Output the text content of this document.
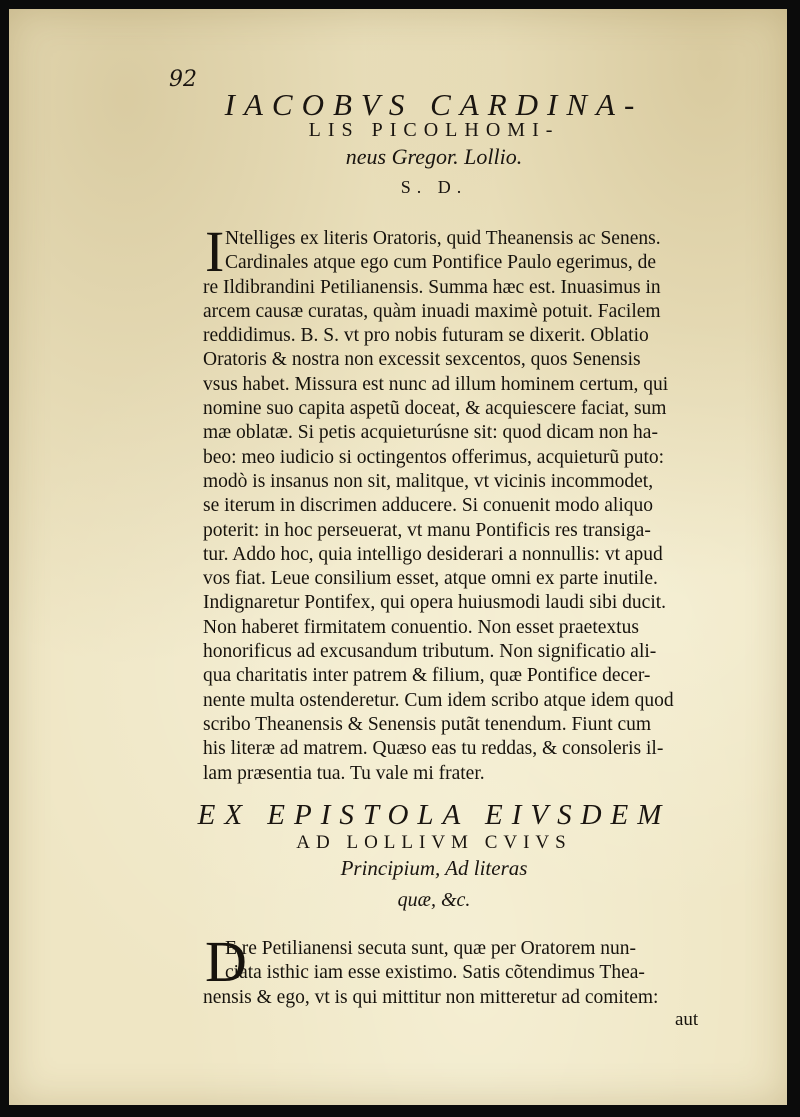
92
IACOBVS CARDINA-
LIS PICOLHOMI-
neus Gregor. Lollio.
S. D.
I Ntelliges ex literis Oratoris, quid Theanensis ac Senens.
Cardinales atque ego cum Pontifice Paulo egerimus, de
re Ildibrandini Petilianensis. Summa hæc est. Inuasimus in
arcem causæ curatas, quàm inuadi maximè potuit. Facilem
reddidimus. B. S. vt pro nobis futuram se dixerit. Oblatio
Oratoris & nostra non excessit sexcentos, quos Senensis
vsus habet. Missura est nunc ad illum hominem certum, qui
nomine suo capita aspetũ doceat, & acquiescere faciat, sum
mæ oblatæ. Si petis acquieturúsne sit: quod dicam non ha-
beo: meo iudicio si octingentos offerimus, acquieturũ puto:
modò is insanus non sit, malitque, vt vicinis incommodet,
se iterum in discrimen adducere. Si conuenit modo aliquo
poterit: in hoc perseuerat, vt manu Pontificis res transiga-
tur. Addo hoc, quia intelligo desiderari a nonnullis: vt apud
vos fiat. Leue consilium esset, atque omni ex parte inutile.
Indignaretur Pontifex, qui opera huiusmodi laudi sibi ducit.
Non haberet firmitatem conuentio. Non esset praetextus
honorificus ad excusandum tributum. Non significatio ali-
qua charitatis inter patrem & filium, quæ Pontifice decer-
nente multa ostenderetur. Cum idem scribo atque idem quod
scribo Theanensis & Senensis putãt tenendum. Fiunt cum
his literæ ad matrem. Quæso eas tu reddas, & consoleris il-
lam præsentia tua. Tu vale mi frater.
EX EPISTOLA EIVSDEM
AD LOLLIVM CVIVS
Principium, Ad literas
quæ, &c.
D
E re Petilianensi secuta sunt, quæ per Oratorem nun-
ciata isthic iam esse existimo. Satis cõtendimus Thea-
nensis & ego, vt is qui mittitur non mitteretur ad comitem:
aut
